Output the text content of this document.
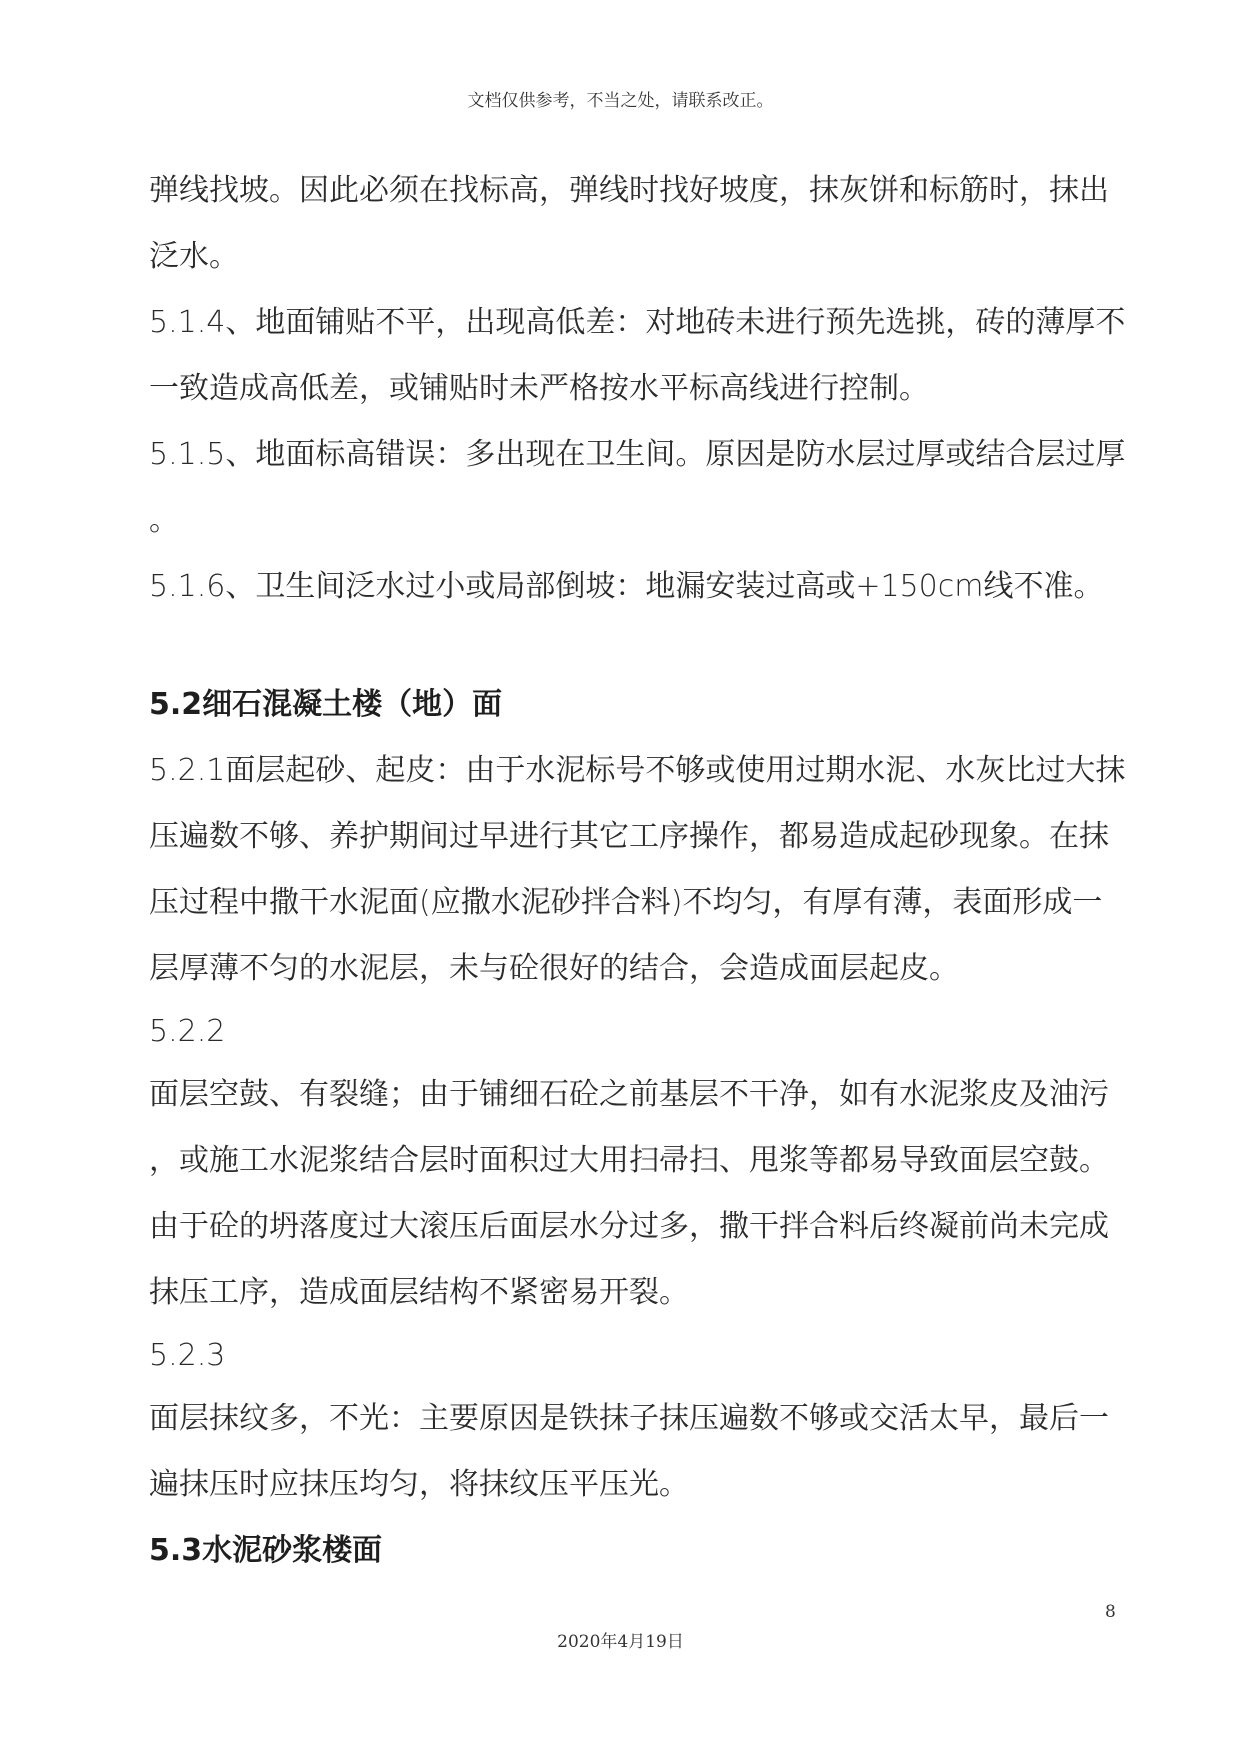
文档仅供参考，不当之处，请联系改正。
弹线找坡。因此必须在找标高，弹线时找好坡度，抹灰饼和标筋时，抹出
泛水。
5.1.4、地面铺贴不平，出现高低差：对地砖未进行预先选挑，砖的薄厚不
一致造成高低差，或铺贴时未严格按水平标高线进行控制。
5.1.5、地面标高错误：多出现在卫生间。原因是防水层过厚或结合层过厚
。
5.1.6、卫生间泛水过小或局部倒坡：地漏安装过高或+150cm线不准。
5.2细石混凝土楼（地）面
5.2.1面层起砂、起皮：由于水泥标号不够或使用过期水泥、水灰比过大抹
压遍数不够、养护期间过早进行其它工序操作，都易造成起砂现象。在抹
压过程中撒干水泥面(应撒水泥砂拌合料)不均匀，有厚有薄，表面形成一
层厚薄不匀的水泥层，未与砼很好的结合，会造成面层起皮。
5.2.2
面层空鼓、有裂缝；由于铺细石砼之前基层不干净，如有水泥浆皮及油污
，或施工水泥浆结合层时面积过大用扫帚扫、甩浆等都易导致面层空鼓。
由于砼的坍落度过大滚压后面层水分过多，撒干拌合料后终凝前尚未完成
抹压工序，造成面层结构不紧密易开裂。
5.2.3
面层抹纹多，不光：主要原因是铁抹子抹压遍数不够或交活太早，最后一
遍抹压时应抹压均匀，将抹纹压平压光。
5.3水泥砂浆楼面
8
2020年4月19日
